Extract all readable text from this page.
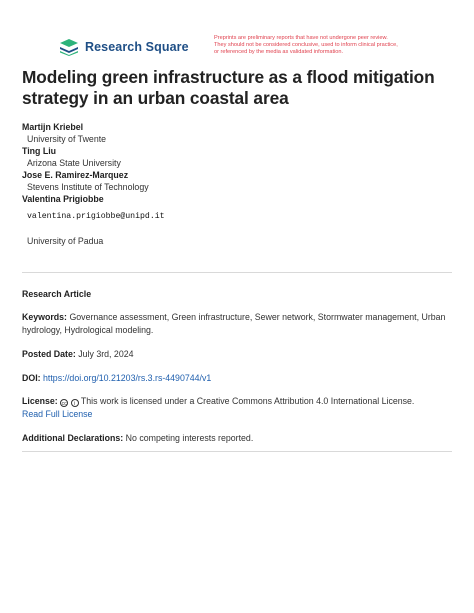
Research Square
Preprints are preliminary reports that have not undergone peer review.
They should not be considered conclusive, used to inform clinical practice,
or referenced by the media as validated information.
Modeling green infrastructure as a flood mitigation strategy in an urban coastal area
Martijn Kriebel
University of Twente
Ting Liu
Arizona State University
Jose E. Ramirez-Marquez
Stevens Institute of Technology
Valentina Prigiobbe
valentina.prigiobbe@unipd.it
University of Padua
Research Article
Keywords: Governance assessment, Green infrastructure, Sewer network, Stormwater management, Urban hydrology, Hydrological modeling.
Posted Date: July 3rd, 2024
DOI: https://doi.org/10.21203/rs.3.rs-4490744/v1
License: cc i This work is licensed under a Creative Commons Attribution 4.0 International License.
Read Full License
Additional Declarations: No competing interests reported.
